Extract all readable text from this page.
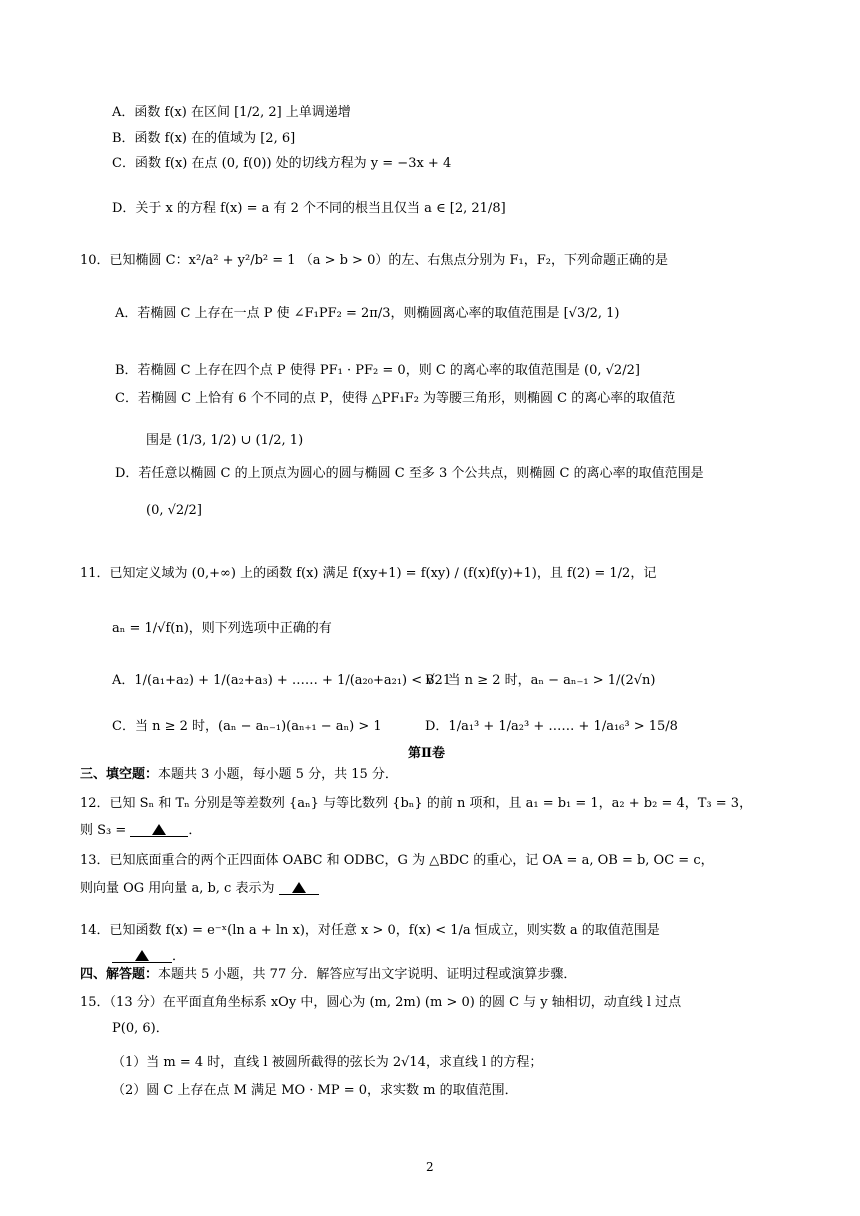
A．函数 f(x) 在区间 [1/2, 2] 上单调递增
B．函数 f(x) 在的值域为 [2, 6]
C．函数 f(x) 在点 (0, f(0)) 处的切线方程为 y = −3x + 4
D．关于 x 的方程 f(x) = a 有 2 个不同的根当且仅当 a ∈ [2, 21/8]
10．已知椭圆 C：x²/a² + y²/b² = 1 （a > b > 0）的左、右焦点分别为 F₁，F₂，下列命题正确的是
A．若椭圆 C 上存在一点 P 使 ∠F₁PF₂ = 2π/3，则椭圆离心率的取值范围是 [√3/2, 1)
B．若椭圆 C 上存在四个点 P 使得 PF₁ · PF₂ = 0，则 C 的离心率的取值范围是 (0, √2/2]
C．若椭圆 C 上恰有 6 个不同的点 P，使得 △PF₁F₂ 为等腰三角形，则椭圆 C 的离心率的取值范
围是 (1/3, 1/2) ∪ (1/2, 1)
D．若任意以椭圆 C 的上顶点为圆心的圆与椭圆 C 至多 3 个公共点，则椭圆 C 的离心率的取值范围是
(0, √2/2]
11．已知定义域为 (0,+∞) 上的函数 f(x) 满足 f(xy+1) = f(xy) / (f(x)f(y)+1)，且 f(2) = 1/2，记
aₙ = 1/√f(n)，则下列选项中正确的有
A．1/(a₁+a₂) + 1/(a₂+a₃) + …… + 1/(a₂₀+a₂₁) < √21
B．当 n ≥ 2 时，aₙ − aₙ₋₁ > 1/(2√n)
C．当 n ≥ 2 时，(aₙ − aₙ₋₁)(aₙ₊₁ − aₙ) > 1	D．1/a₁³ + 1/a₂³ + …… + 1/a₁₆³ > 15/8
第Ⅱ卷
三、填空题：本题共 3 小题，每小题 5 分，共 15 分．
12．已知 Sₙ 和 Tₙ 分别是等差数列 {aₙ} 与等比数列 {bₙ} 的前 n 项和，且 a₁ = b₁ = 1，a₂ + b₂ = 4，T₃ = 3，
则 S₃ =	．
13．已知底面重合的两个正四面体 OABC 和 ODBC，G 为 △BDC 的重心，记 OA = a, OB = b, OC = c，
则向量 OG 用向量 a, b, c 表示为
14．已知函数 f(x) = e⁻ˣ(ln a + ln x)，对任意 x > 0，f(x) < 1/a 恒成立，则实数 a 的取值范围是
．
四、解答题：本题共 5 小题，共 77 分．解答应写出文字说明、证明过程或演算步骤．
15．（13 分）在平面直角坐标系 xOy 中，圆心为 (m, 2m) (m > 0) 的圆 C 与 y 轴相切，动直线 l 过点
P(0, 6)．
（1）当 m = 4 时，直线 l 被圆所截得的弦长为 2√14，求直线 l 的方程；
（2）圆 C 上存在点 M 满足 MO · MP = 0，求实数 m 的取值范围．
2
